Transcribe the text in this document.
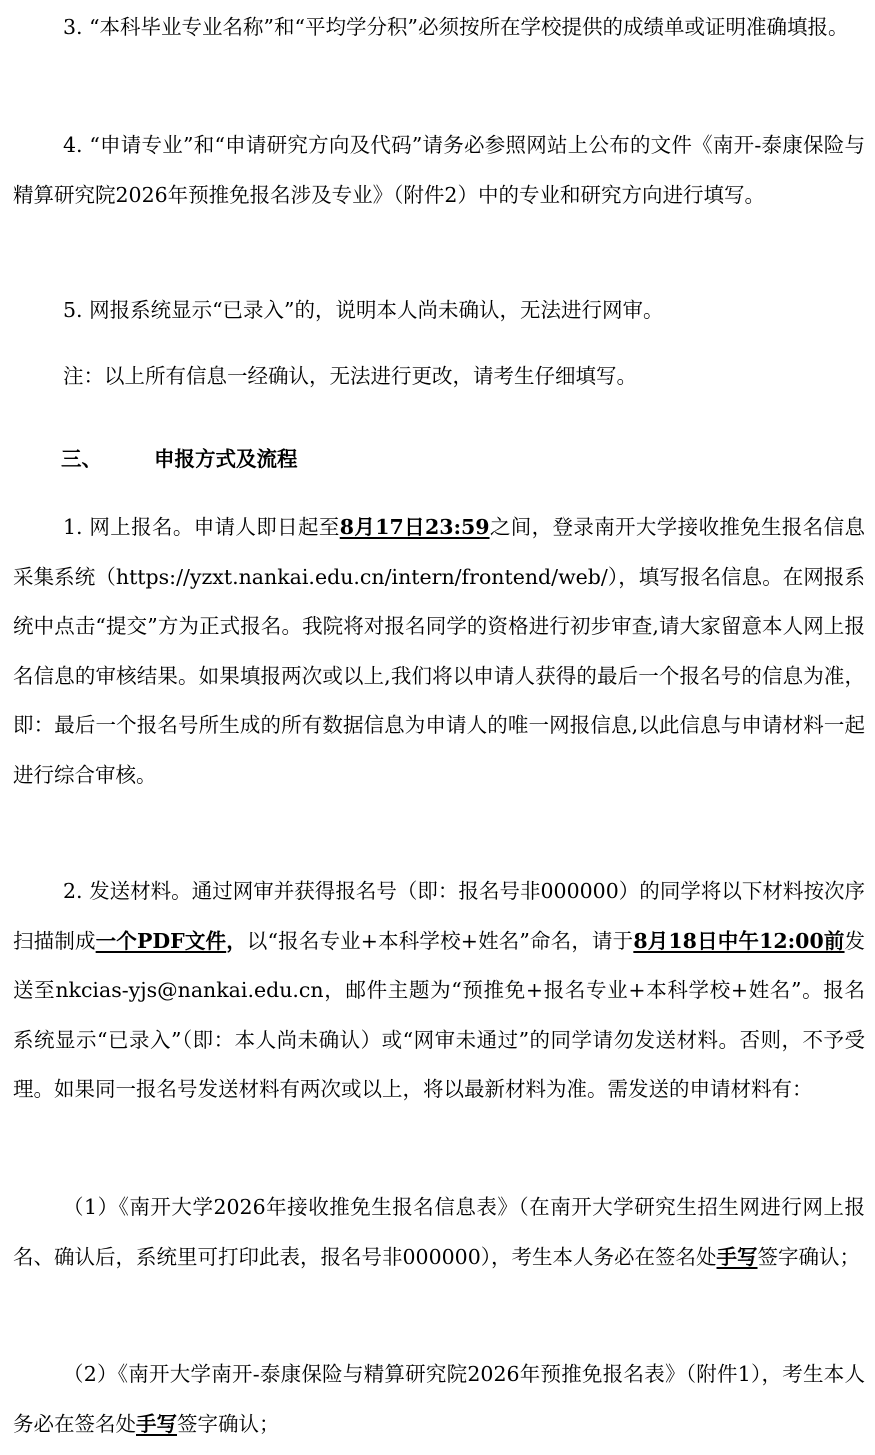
3. “本科毕业专业名称”和“平均学分积”必须按所在学校提供的成绩单或证明准确填报。

4. “申请专业”和“申请研究方向及代码”请务必参照网站上公布的文件《南开-泰康保险与精算研究院2026年预推免报名涉及专业》（附件2）中的专业和研究方向进行填写。

5. 网报系统显示“已录入”的，说明本人尚未确认，无法进行网审。

注：以上所有信息一经确认，无法进行更改，请考生仔细填写。

三、	申报方式及流程

1. 网上报名。申请人即日起至8月17日23:59之间，登录南开大学接收推免生报名信息采集系统（https://yzxt.nankai.edu.cn/intern/frontend/web/），填写报名信息。在网报系统中点击“提交”方为正式报名。我院将对报名同学的资格进行初步审查,请大家留意本人网上报名信息的审核结果。如果填报两次或以上,我们将以申请人获得的最后一个报名号的信息为准，即：最后一个报名号所生成的所有数据信息为申请人的唯一网报信息,以此信息与申请材料一起进行综合审核。

2. 发送材料。通过网审并获得报名号（即：报名号非000000）的同学将以下材料按次序扫描制成一个PDF文件，以“报名专业+本科学校+姓名”命名，请于8月18日中午12:00前发送至nkcias-yjs@nankai.edu.cn，邮件主题为“预推免+报名专业+本科学校+姓名”。报名系统显示“已录入”（即：本人尚未确认）或“网审未通过”的同学请勿发送材料。否则，不予受理。如果同一报名号发送材料有两次或以上，将以最新材料为准。需发送的申请材料有：

（1）《南开大学2026年接收推免生报名信息表》（在南开大学研究生招生网进行网上报名、确认后，系统里可打印此表，报名号非000000），考生本人务必在签名处手写签字确认；

（2）《南开大学南开-泰康保险与精算研究院2026年预推免报名表》（附件1），考生本人务必在签名处手写签字确认；
